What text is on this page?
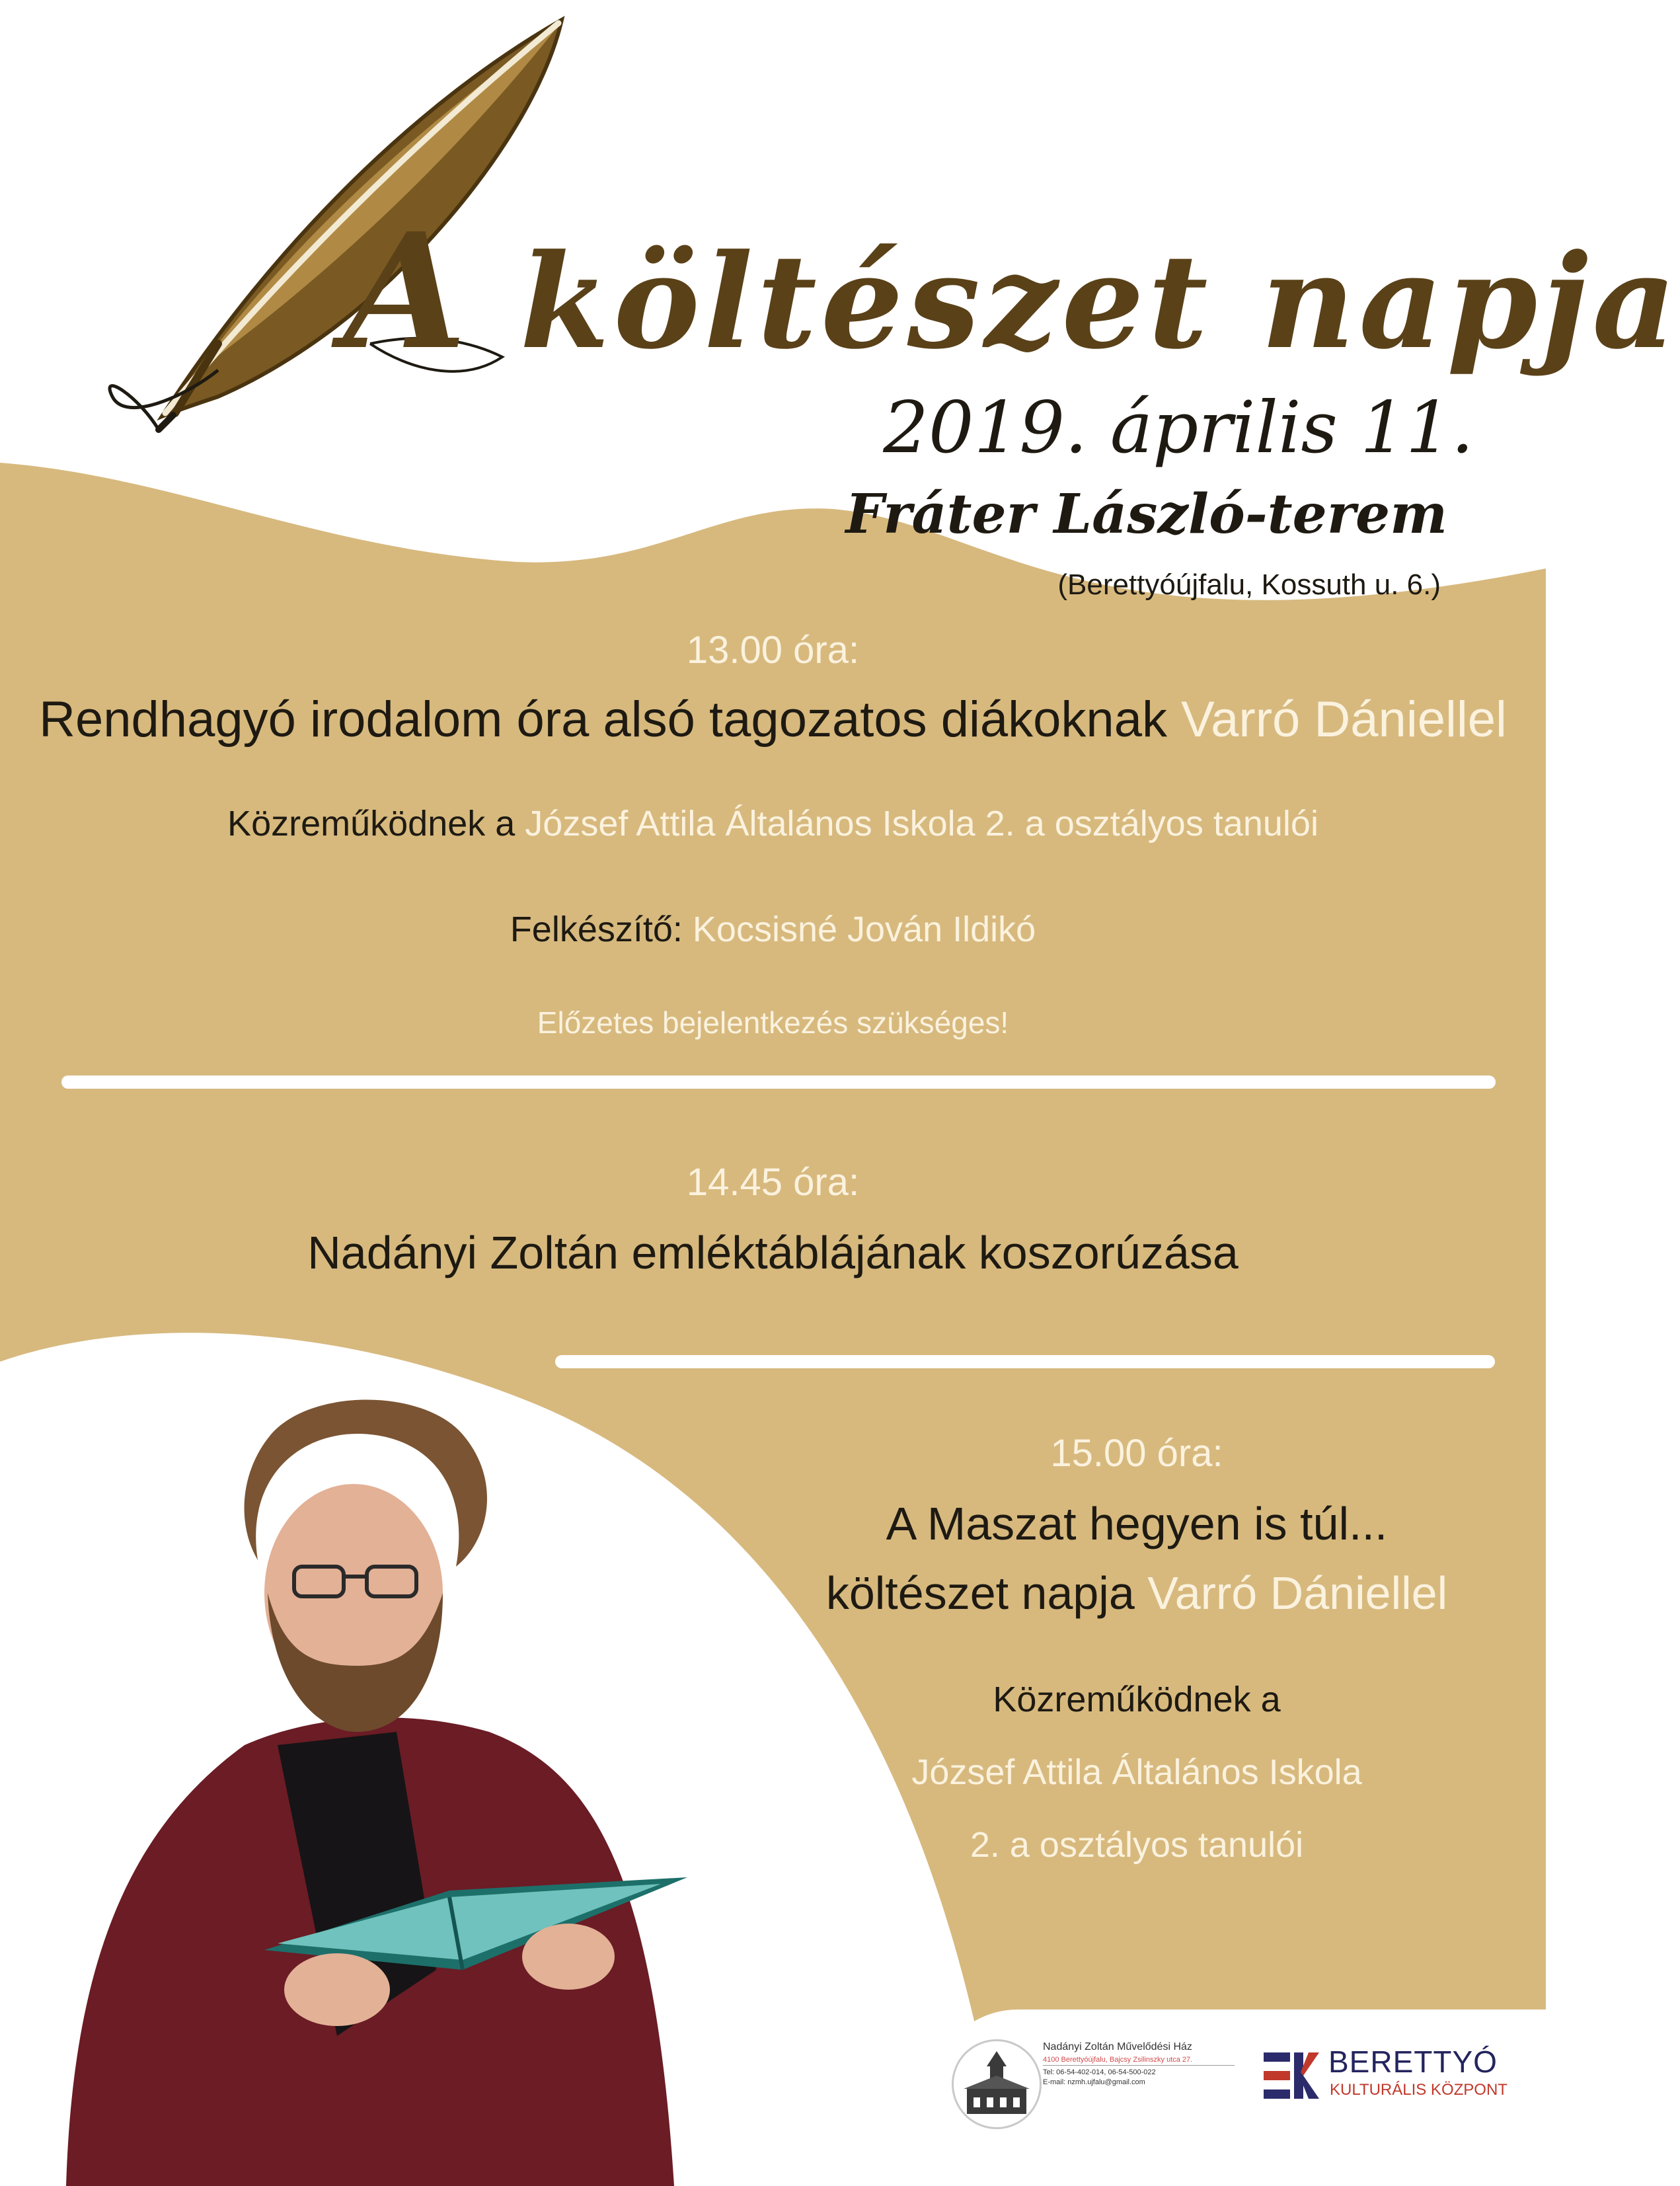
A költészet napja
2019. április 11.
Fráter László-terem
(Berettyóújfalu, Kossuth u. 6.)
13.00 óra:
Rendhagyó irodalom óra alsó tagozatos diákoknak Varró Dániellel
Közreműködnek a József Attila Általános Iskola 2. a osztályos tanulói
Felkészítő: Kocsisné Jován Ildikó
Előzetes bejelentkezés szükséges!
14.45 óra:
Nadányi Zoltán emléktáblájának koszorúzása
15.00 óra:
A Maszat hegyen is túl...
költészet napja Varró Dániellel
Közreműködnek a
József Attila Általános Iskola
2. a osztályos tanulói
Nadányi Zoltán Művelődési Ház
4100 Berettyóújfalu, Bajcsy Zsilinszky utca 27.
Tel: 06-54-402-014, 06-54-500-022
E-mail: nzmh.ujfalu@gmail.com
BERETTYÓ
KULTURÁLIS KÖZPONT
